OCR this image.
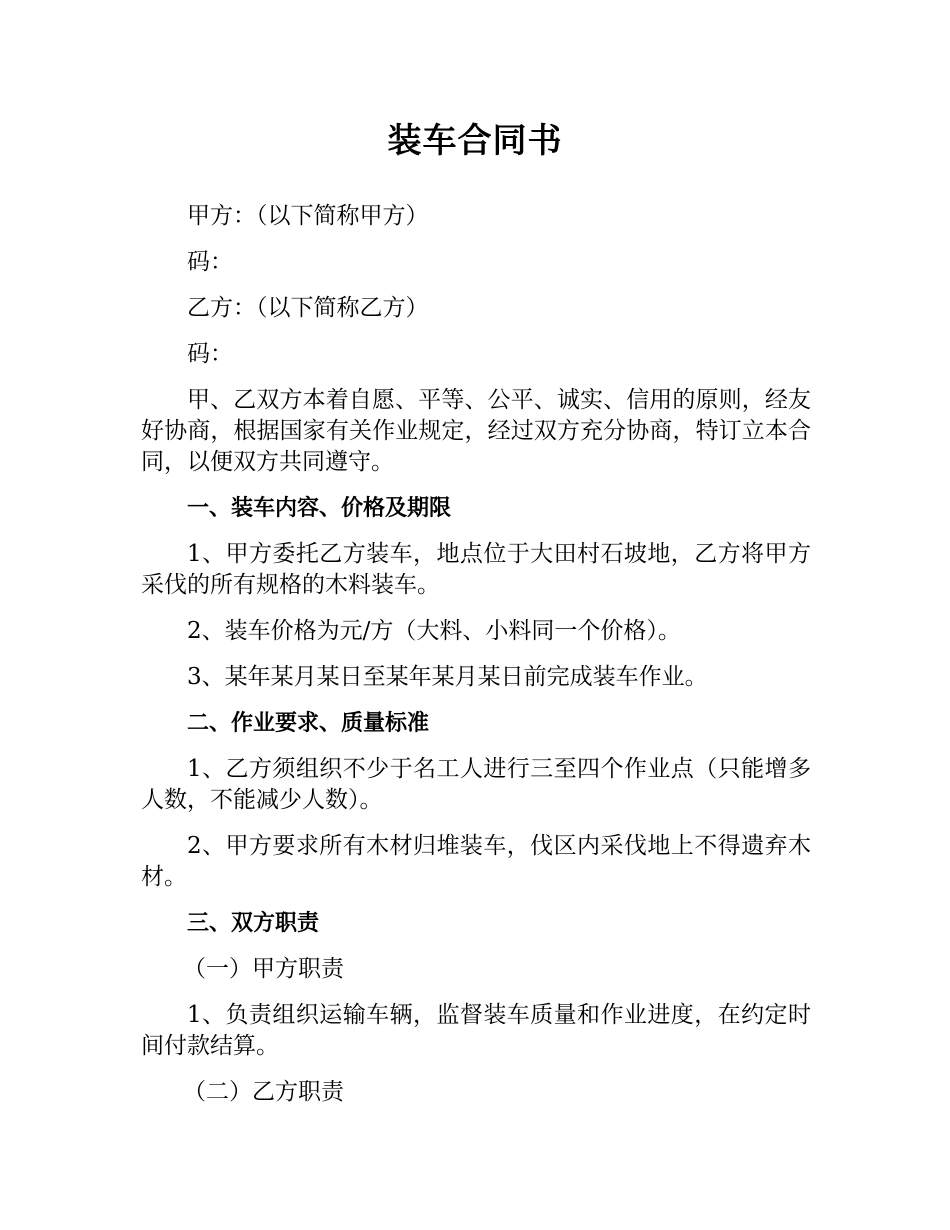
装车合同书

甲方：（以下简称甲方）

码：

乙方：（以下简称乙方）

码：

甲、乙双方本着自愿、平等、公平、诚实、信用的原则，经友好协商，根据国家有关作业规定，经过双方充分协商，特订立本合同，以便双方共同遵守。

一、装车内容、价格及期限

1、甲方委托乙方装车，地点位于大田村石坡地，乙方将甲方采伐的所有规格的木料装车。

2、装车价格为元/方（大料、小料同一个价格）。

3、某年某月某日至某年某月某日前完成装车作业。

二、作业要求、质量标准

1、乙方须组织不少于名工人进行三至四个作业点（只能增多人数，不能减少人数）。

2、甲方要求所有木材归堆装车，伐区内采伐地上不得遗弃木材。

三、双方职责

（一）甲方职责

1、负责组织运输车辆，监督装车质量和作业进度，在约定时间付款结算。

（二）乙方职责
